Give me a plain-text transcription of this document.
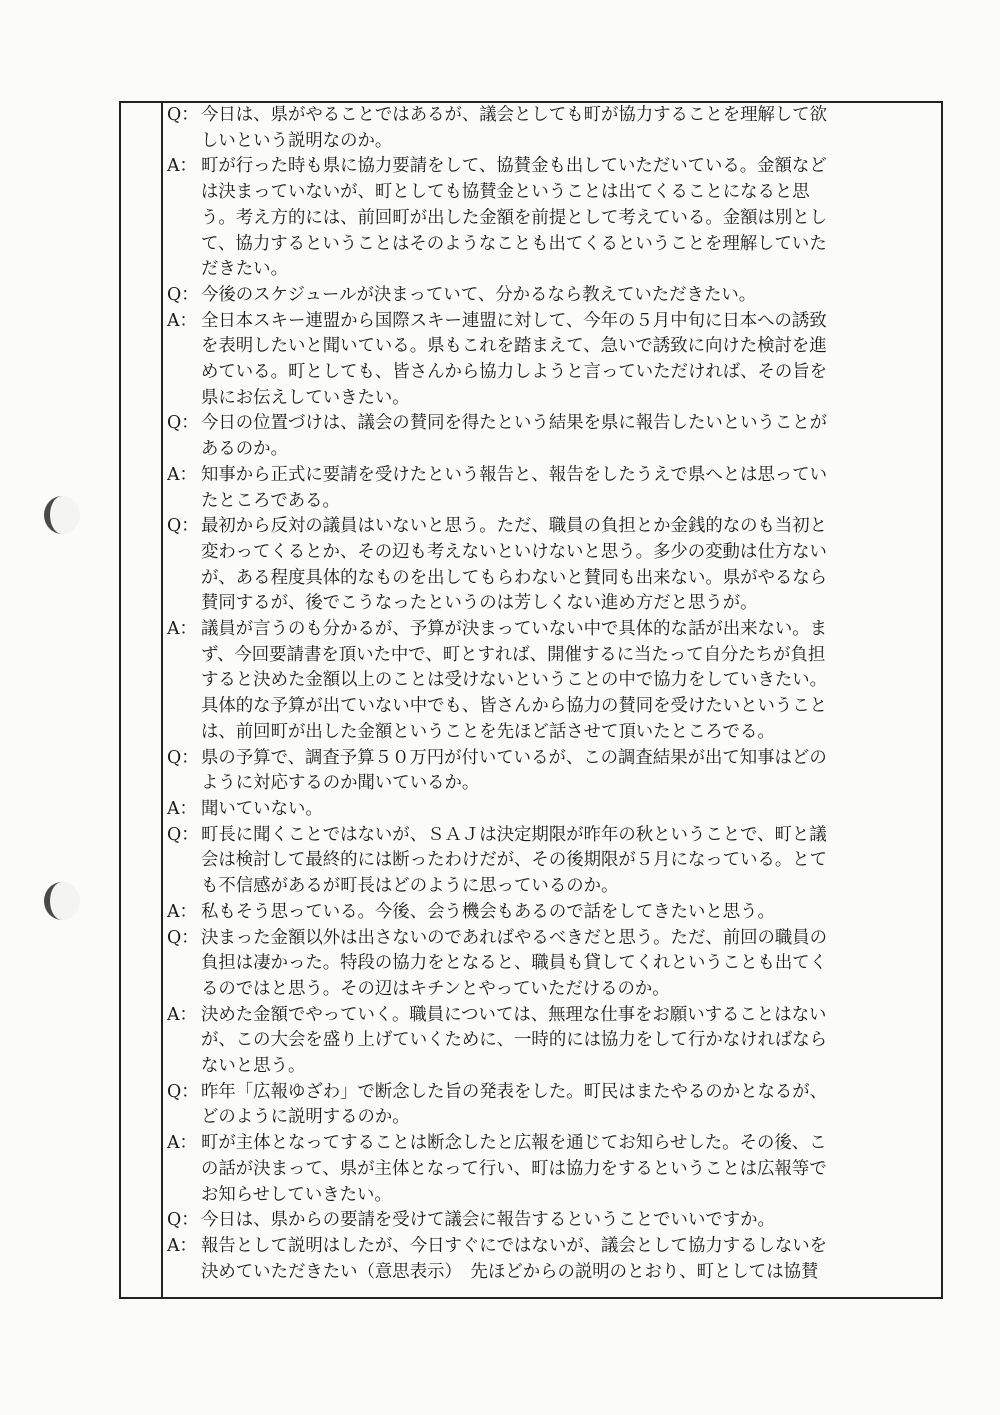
Q： 今日は、県がやることではあるが、議会としても町が協力することを理解して欲
しいという説明なのか。
A： 町が行った時も県に協力要請をして、協賛金も出していただいている。金額など
は決まっていないが、町としても協賛金ということは出てくることになると思
う。考え方的には、前回町が出した金額を前提として考えている。金額は別とし
て、協力するということはそのようなことも出てくるということを理解していた
だきたい。
Q： 今後のスケジュールが決まっていて、分かるなら教えていただきたい。
A： 全日本スキー連盟から国際スキー連盟に対して、今年の５月中旬に日本への誘致
を表明したいと聞いている。県もこれを踏まえて、急いで誘致に向けた検討を進
めている。町としても、皆さんから協力しようと言っていただければ、その旨を
県にお伝えしていきたい。
Q： 今日の位置づけは、議会の賛同を得たという結果を県に報告したいということが
あるのか。
A： 知事から正式に要請を受けたという報告と、報告をしたうえで県へとは思ってい
たところである。
Q： 最初から反対の議員はいないと思う。ただ、職員の負担とか金銭的なのも当初と
変わってくるとか、その辺も考えないといけないと思う。多少の変動は仕方ない
が、ある程度具体的なものを出してもらわないと賛同も出来ない。県がやるなら
賛同するが、後でこうなったというのは芳しくない進め方だと思うが。
A： 議員が言うのも分かるが、予算が決まっていない中で具体的な話が出来ない。ま
ず、今回要請書を頂いた中で、町とすれば、開催するに当たって自分たちが負担
すると決めた金額以上のことは受けないということの中で協力をしていきたい。
具体的な予算が出ていない中でも、皆さんから協力の賛同を受けたいということ
は、前回町が出した金額ということを先ほど話させて頂いたところでる。
Q： 県の予算で、調査予算５０万円が付いているが、この調査結果が出て知事はどの
ように対応するのか聞いているか。
A： 聞いていない。
Q： 町長に聞くことではないが、ＳＡＪは決定期限が昨年の秋ということで、町と議
会は検討して最終的には断ったわけだが、その後期限が５月になっている。とて
も不信感があるが町長はどのように思っているのか。
A： 私もそう思っている。今後、会う機会もあるので話をしてきたいと思う。
Q： 決まった金額以外は出さないのであればやるべきだと思う。ただ、前回の職員の
負担は凄かった。特段の協力をとなると、職員も貸してくれということも出てく
るのではと思う。その辺はキチンとやっていただけるのか。
A： 決めた金額でやっていく。職員については、無理な仕事をお願いすることはない
が、この大会を盛り上げていくために、一時的には協力をして行かなければなら
ないと思う。
Q： 昨年「広報ゆざわ」で断念した旨の発表をした。町民はまたやるのかとなるが、
どのように説明するのか。
A： 町が主体となってすることは断念したと広報を通じてお知らせした。その後、こ
の話が決まって、県が主体となって行い、町は協力をするということは広報等で
お知らせしていきたい。
Q： 今日は、県からの要請を受けて議会に報告するということでいいですか。
A： 報告として説明はしたが、今日すぐにではないが、議会として協力するしないを
決めていただきたい（意思表示）　先ほどからの説明のとおり、町としては協賛
